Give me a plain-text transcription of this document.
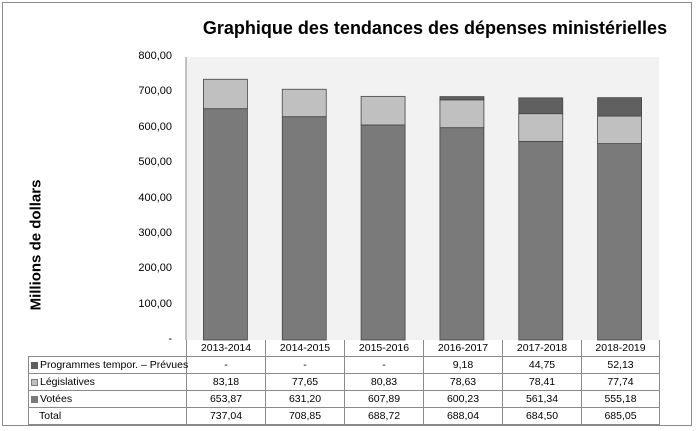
Graphique des tendances des dépenses ministérielles
Millions de dollars
800,00
700,00
600,00
500,00
400,00
300,00
200,00
100,00
-
	2013-2014	2014-2015	2015-2016	2016-2017	2017-2018	2018-2019
Programmes tempor. – Prévues	-	-	-	9,18	44,75	52,13
Législatives	83,18	77,65	80,83	78,63	78,41	77,74
Votées	653,87	631,20	607,89	600,23	561,34	555,18
Total	737,04	708,85	688,72	688,04	684,50	685,05
